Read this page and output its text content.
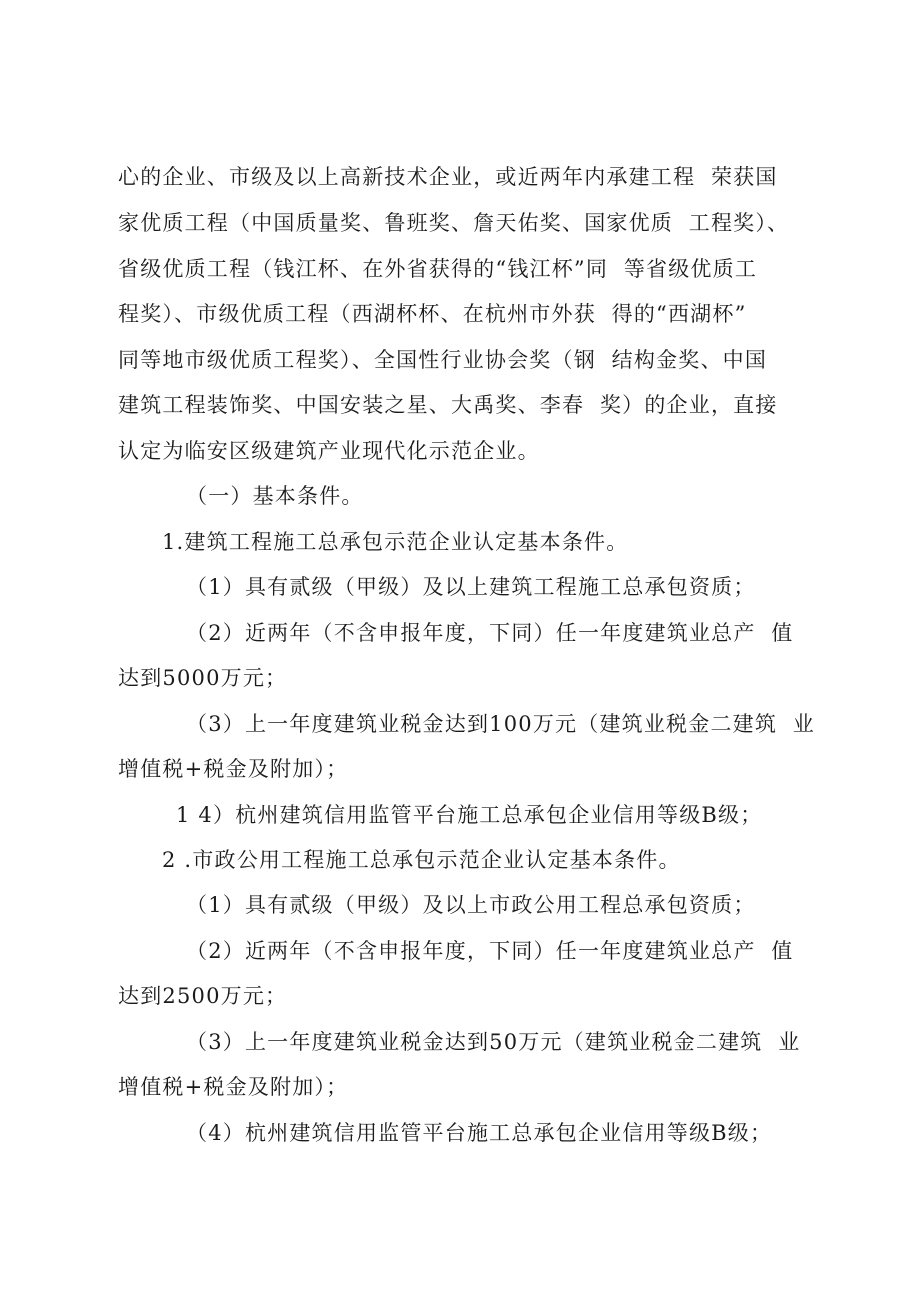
心的企业、市级及以上高新技术企业，或近两年内承建工程  荣获国
家优质工程（中国质量奖、鲁班奖、詹天佑奖、国家优质  工程奖）、
省级优质工程（钱江杯、在外省获得的“钱江杯”同  等省级优质工
程奖）、市级优质工程（西湖杯杯、在杭州市外获  得的“西湖杯”
同等地市级优质工程奖）、全国性行业协会奖（钢  结构金奖、中国
建筑工程装饰奖、中国安装之星、大禹奖、李春  奖）的企业，直接
认定为临安区级建筑产业现代化示范企业。
（一）基本条件。
1.建筑工程施工总承包示范企业认定基本条件。
（1）具有贰级（甲级）及以上建筑工程施工总承包资质；
（2）近两年（不含申报年度，下同）任一年度建筑业总产  值
达到5000万元；
（3）上一年度建筑业税金达到100万元（建筑业税金二建筑  业
增值税+税金及附加）；
1 4）杭州建筑信用监管平台施工总承包企业信用等级B级；
2 .市政公用工程施工总承包示范企业认定基本条件。
（1）具有贰级（甲级）及以上市政公用工程总承包资质；
（2）近两年（不含申报年度，下同）任一年度建筑业总产  值
达到2500万元；
（3）上一年度建筑业税金达到50万元（建筑业税金二建筑  业
增值税+税金及附加）；
（4）杭州建筑信用监管平台施工总承包企业信用等级B级；
